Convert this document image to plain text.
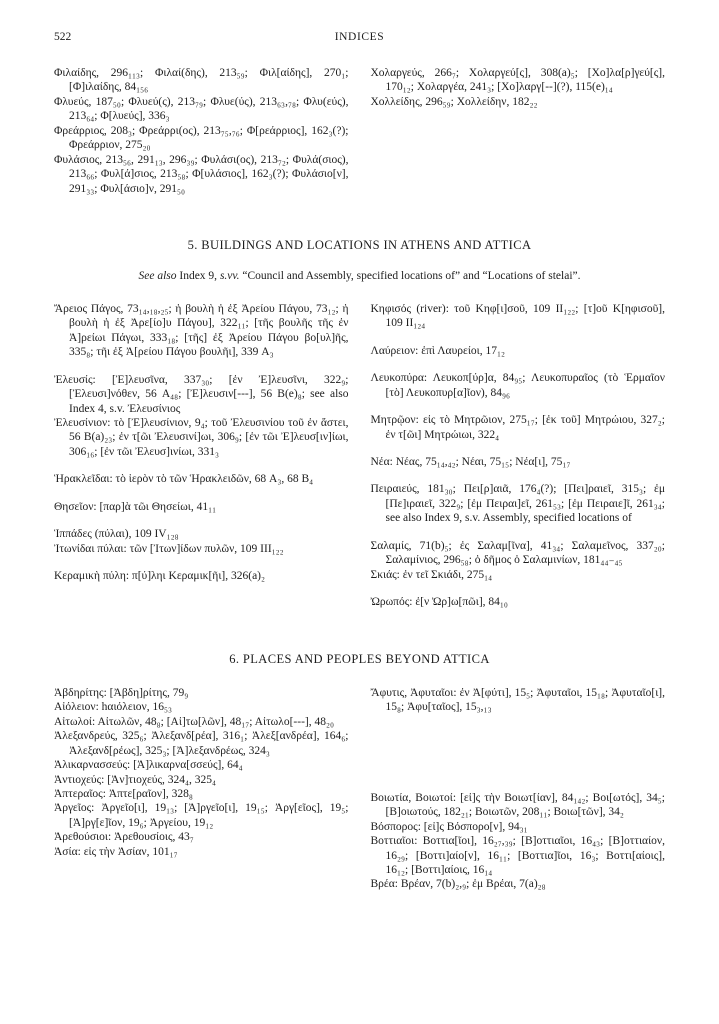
522	INDICES

Φιλαίδης, 296₁₁₃; Φιλαί(δης), 213₅₉; Φιλ[αίδης], 270₁; [Φ]ιλαίδης, 84₁₅₆

Φλυεύς, 187₅₀; Φλυεύ(ς), 213₇₉; Φλυε(ύς), 213₆₃,₇₈; Φλυ(εύς), 213₆₄; Φ[λυεύς], 336₃

Φρεάρριος, 208₃; Φρεάρρι(ος), 213₇₅,₇₆; Φ[ρεάρριος], 162₃(?); Φρεάρριον, 275₂₀

Φυλάσιος, 213₅₆, 291₁₃, 296₃₉; Φυλάσι(ος), 213₇₂; Φυλά(σιος), 213₆₆; Φυλ[ά]σιος, 213₅₈; Φ[υλάσιος], 162₃(?); Φυλάσιο[ν], 291₃₃; Φυλ[άσιο]ν, 291₅₀

Χολαργεύς, 266₇; Χολαργεύ[ς], 308(a)₅; [Χο]λα[ρ]γεύ[ς], 170₁₂; Χολαργέα, 241₃; [Χο]λαργ[--](?), 115(e)₁₄

Χολλείδης, 296₅₉; Χολλείδην, 182₂₂

5. BUILDINGS AND LOCATIONS IN ATHENS AND ATTICA

See also Index 9, s.vv. “Council and Assembly, specified locations of” and “Locations of stelai”.

Ἄρειος Πάγος, 73₁₄,₁₈,₂₅; ἡ βουλὴ ἡ ἐξ Ἀρείου Πάγου, 73₁₂; ἡ βουλὴ ἡ ἐξ Ἀρε[ίο]υ Πάγου], 322₁₁; [τῆς βουλῆς τῆς ἐν Ἀ]ρείωι Πάγωι, 333₁₈; [τῆς] ἐξ Ἀρείου Πάγου βο[υλ]ῆς, 335₈; τῆι ἐξ Ἀ[ρείου Πάγου βουλῆι], 339 A₃

Ἐλευσίς: [Ἐ]λευσῖνα, 337₃₀; [ἐν Ἐ]λευσῖνι, 322₉; [Ἐλευσι]νόθεν, 56 A₄₈; [Ἐ]λευσιν[---], 56 B(e)₈; see also Index 4, s.v. Ἐλευσίνιος

Ἐλευσίνιον: τὸ [Ἐ]λευσίνιον, 9₄; τοῦ Ἐλευσινίου τοῦ ἐν ἄστει, 56 B(a)₂₃; ἐν τ[ῶι Ἐλευσινί]ωι, 306₉; [ἐν τῶι Ἐ]λευσ[ιν]ίωι, 306₁₆; [ἐν τῶι Ἐλευσ]ινίωι, 331₃

Ἡρακλεῖδαι: τὸ ἱερὸν τὸ τῶν Ἡρακλειδῶν, 68 A₃, 68 B₄

Θησεῖον: [παρ]ὰ τῶι Θησείωι, 41₁₁

Ἱππάδες (πύλαι), 109 IV₁₂₈

Ἰτωνίδαι πύλαι: τῶν [Ἰτων]ίδων πυλῶν, 109 III₁₂₂

Κεραμικὴ πύλη: π[ύ]ληι Κεραμικ[ῆι], 326(a)₂

Κηφισός (river): τοῦ Κηφ[ι]σοῦ, 109 II₁₂₂; [τ]οῦ Κ[ηφισοῦ], 109 II₁₂₄

Λαύρειον: ἐπὶ Λαυρείοι, 17₁₂

Λευκοπύρα: Λευκοπ[ύρ]α, 84₉₅; Λευκοπυραῖος (τὸ Ἑρμαῖον [τὸ] Λευκοπυρ[α]ῖον), 84₉₆

Μητρῷον: εἰς τὸ Μητρῶιον, 275₁₇; [ἐκ τοῦ] Μητρώιου, 327₂; ἐν τ[ῶι] Μητρώιωι, 322₄

Νέα: Νέας, 75₁₄,₄₂; Νέαι, 75₁₅; Νέα[ι], 75₁₇

Πειραιεύς, 181₃₀; Πει[ρ]αιᾶ, 176₄(?); [Πει]ραιεῖ, 315₃; ἐμ [Πε]ιραιεῖ, 322₉; [ἐμ Πειραι]εῖ, 261₅₃; [ἐμ Πειραιε]ῖ, 261₃₄; see also Index 9, s.v. Assembly, specified locations of

Σαλαμίς, 71(b)₅; ἐς Σαλαμ[ῖνα], 41₃₄; Σαλαμεῖνος, 337₂₀; Σαλαμίνιος, 296₅₈; ὁ δῆμος ὁ Σαλαμινίων, 181₄₄₋₄₅

Σκιάς: ἐν τεῖ Σκιάδι, 275₁₄

Ὠρωπός: ἐ[ν Ὠρ]ω[πῶι], 84₁₀

6. PLACES AND PEOPLES BEYOND ATTICA

Ἀβδηρίτης: [Ἀβδη]ρίτης, 79₉

Αἰόλειον: hαιόλειον, 16₅₃

Αἰτωλοί: Αἰτωλῶν, 48₈; [Αἰ]τω[λῶν], 48₁₇; Αἰτωλο[---], 48₂₀

Ἀλεξανδρεύς, 325₆; Ἀλεξανδ[ρέα], 316₁; Ἀλεξ[ανδρέα], 164₆; Ἀλεξανδ[ρέως], 325₃; [Ἀ]λεξανδρέως, 324₃

Ἁλικαρνασσεύς: [Ἀ]λικαρνα[σσεύς], 64₄

Ἀντιοχεύς: [Ἀν]τιοχεύς, 324₄, 325₄

Ἀπτεραῖος: Ἀπτε[ραῖον], 328₈

Ἀργεῖος: Ἀργεῖο[ι], 19₁₃; [Ἀ]ργεῖο[ι], 19₁₅; Ἀργ[εῖος], 19₅; [Ἀ]ργ[ε]ῖον, 19₆; Ἀργείου, 19₁₂

Ἀρεθούσιοι: Ἀρεθουσίοις, 43₇

Ἀσία: εἰς τὴν Ἀσίαν, 101₁₇

Ἄφυτις, Ἀφυταῖοι: ἐν Ἀ[φύτι], 15₅; Ἀφυταῖοι, 15₁₈; Ἀφυταῖο[ι], 15₈; Ἀφυ[ταῖος], 15₃,₁₃

Βοιωτία, Βοιωτοί: [εἰ]ς τὴν Βοιωτ[ίαν], 84₁₄₂; Βοι[ωτός], 34₅; [Β]οιωτούς, 182₂₁; Βοιωτῶν, 208₁₁; Βοιω[τῶν], 34₂

Βόσπορος: [εἰ]ς Βόσπορο[ν], 94₃₁

Βοττιαῖοι: Βοττια[ῖοι], 16₂₇,₃₉; [Β]οττιαῖοι, 16₄₃; [Β]οττιαίον, 16₂₉; [Βοττι]αίο[ν], 16₁₁; [Βοττια]ῖοι, 16₃; Βοττι[αίοις], 16₁₂; [Βοττι]αίοις, 16₁₄

Βρέα: Βρέαν, 7(b)₂,₉; ἐμ Βρέαι, 7(a)₂₈
